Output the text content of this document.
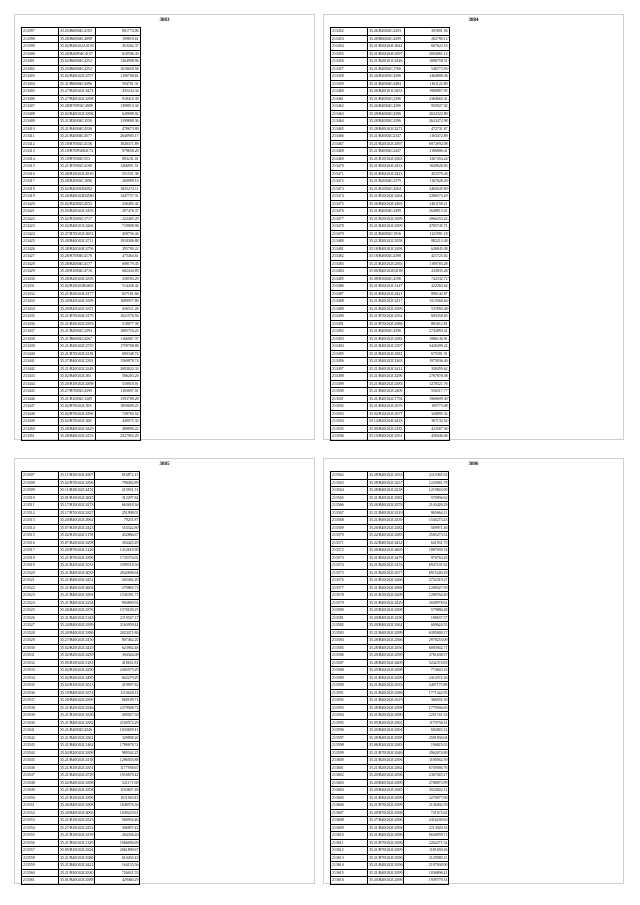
3883
213397	35.25/B60I04C4103	801774.06
213398	35.28/B60I04C4098	199818.61
213399	35.02/B20G02A4103	453262.37
213400	35.20/B20F04C4157	610596.43
213401	35.02/B60I04C4252	1264908.96
213402	35.25/B60I04C4252	1018650.58
213403	35.02/B40G02C4757	1196708.61
213404	35.31/B60I04C4396	594701.31
213405	35.27/B20G02C4474	435234.34
213406	35.27/B40G02C4398	918410.39
213407	35.28/B70F02C4908	1398915.34
213408	35.02/B40G02C4396	628898.02
213409	35.21/B30I04C1550	1199808.36
213410	35.21/B40I04C4536	478673.80
213411	35.21/B40I04C4577	2640905.17
213412	35.18/B70I02C4136	1826371.89
213413	35.18/B70F02B4174	979658.20
213414	35.18/B70I04C553	803231.01
213415	35.21/B70I02C4100	1266951.51
213416	35.26/B10G02C4516	551551.38
213417	35.28/B20I02C1096	269999.10
213418	35.02/B40I02D4502	1825274.11
213419	35.26/B40G02D4560	1447757.31
213420	35.02/B20I02C4553	256485.42
213421	35.03/B20G02C4163	397476.37
213422	35.02/B10I02C1717	222465.29
213423	35.02/B40G01C4266	719808.96
213424	35.27/B70G02C4653	458756.44
213425	35.28/B40G02C4711	1918386.88
213426	35.28/B20G04C4756	295790.22
213427	35.28/B70I04C4178	475464.61
213428	35.28/B40I04C4177	698179.45
213429	35.28/B10I04C4716	682434.89
213430	35.28/B20G04C4339	258594.29
213431	35.02/B10G02B4463	514438.42
213432	35.21/B30G04C4177	827161.66
213433	35.20/B20G04C1699	1689957.89
213434	35.29/B20G02C4331	656511.28
213435	35.21/B70G04C4179	1021576.56
213436	35.21/B30G02C4393	518077.38
213437	35.21/B20I02C2393	1685716.25
213438	35.21/B60I02C4267	1166067.37
213439	35.21/B20G02C2735	1759768.86
213440	35.21/B70G02C4118	690348.74
213441	35.27/B40G02C2391	1569878.74
213442	35.21/B20G02C4348	2083022.33
213443	35.02/B40G02C361	586203.20
213444	35.20/B10G02C4398	518910.01
213445	35.27/B70I02C4399	1103697.01
213446	35.21/B10I02C1209	1593708.28
213447	35.02/B70G02C393	1859609.25
213448	35.02/B70G02C4396	728760.52
213449	35.02/B70G02C368	449075.35
213450	35.28/B40G02C4429	488890.22
213451	35.28/B40G02C4153	2527902.29
3884
213452	35.26/B20I02C4203	391801.56
213453	35.28/B60I02C4299	282790.12
213454	35.21/B20G04C4642	667623.53
213455	35.21/B20G04C4397	2004061.12
213456	35.21/B20G01C4446	1086758.51
213457	35.21/B40I02C1766	546773.03
213458	35.26/B20I03C4396	1464808.36
213459	35.21/B40I04C4484	1161122.80
213460	35.26/B40G01C4453	1960887.95
213461	35.21/B40I02C2396	2384665.41
213462	35.26/B40I04C4396	955927.02
213463	35.28/B40I04C4396	2632322.80
213464	35.28/B40I02C4396	2623472.98
213465	35.28/B40G02C4271	472731.67
213466	35.21/B40I02C2347	1163472.88
213467	35.21/B20G02C4397	6972692.08
213468	35.21/B40I02C2447	1186806.41
213469	35.21/B10G02C4363	1367454.24
213470	35.21/B20G04C4433	1049626.83
213471	35.21/B40G02C2423	452370.43
213472	35.21/B20I04C2379	1167828.20
213473	35.21/B10I02C4264	2465645.90
213474	35.21/B10G02C4264	3286573.29
213475	35.26/B40G02C2465	1461158.21
213476	35.21/B40I04C4399	2648815.01
213477	35.21/B20G02C4399	2966253.22
213478	35.21/B40G02C4399	4785745.71
213479	35.21/B40I02C1916	1121991.18
213480	35.21/B20G02C4358	882213.48
213481	35.18/B40G02C4396	626845.08
213482	35.18/B40I02C4398	421725.02
213483	35.21/B20G02C2563	1189783.28
213484	35.06/B40G02D4188	243835.28
213485	35.08/B10I02C4196	742332.72
213486	35.21/B20G02C1447	422263.62
213487	35.21/B40G02C4421	896142.87
213488	35.21/B40G02C2417	1513566.64
213489	35.21/B40G02C4399	531894.48
213490	35.21/B70G02C4352	683358.65
213491	35.21/B70G02C4386	881612.81
213492	35.21/B40I02C4396	2743893.41
213493	35.21/B40G02C4382	1986146.91
213494	35.21/B40G02C2397	3426399.22
213495	35.21/B40G02C4381	675581.91
213496	35.21/B40G02C1463	1973036.40
213497	35.21/B40G02C4212	358459.62
213498	35.21/B40G02C4296	2767876.38
213499	35.21/B40G02C4383	1278321.76
213500	35.21/B40G02C2409	556317.77
213501	35.21/B40G02C1794	1968699.30
213502	35.21/B40G02C4376	195773.08
213503	35.02/B10G02C4377	328895.32
213504	35.14/B20G04C4418	367133.52
213505	35.09/B20G02C4183	423567.94
213506	35.10/B40G02C4351	458446.06
3885
213507	35.11/B30G04C4507	816872.15
213508	35.02/B70G02C4396	798402.89
213509	35.11/B30G02C4474	215931.51
213510	35.01/B10G02C4825	312297.84
213511	35.17/B10G02C4273	663618.36
213512	35.17/B70G02C4327	251998.01
213513	35.20/B40G02C4962	79251.87
213514	35.07/B10G02C4423	553322.80
213515	35.02/B10G02C1178	452866.67
213516	35.07/B20G02C4298	394425.29
213517	35.25/B70G02C1226	1312618.30
213518	35.21/B70G02C4399	1725374.02
213519	35.21/B20G02C1031	3399518.56
213520	35.21/B40G02C4035	2042696.64
213521	35.21/B40G02C4451	265462.29
213522	35.21/B40G02C4604	279863.75
213523	35.21/B40G02C4394	1545391.75
213524	35.21/B40G02C2254	994890.92
213525	35.26/B40G02C4376	1570109.25
213526	35.21/B40G02C1343	2119527.17
213527	35.24/B40G02C4399	2163959.44
213528	35.20/B40G02C1886	2023471.86
213529	35.27/B40G02C4150	807462.20
213530	35.02/B20G02C4425	623962.48
213531	35.02/B20G02C4259	394344.08
213532	35.05/B10G02C1281	418631.81
213533	35.02/B10G02C4290	2365579.29
213534	35.02/B20G02C4485	602279.29
213535	35.02/B10G02C4513	419997.82
213536	35.18/B40G02C4374	1110628.12
213537	35.20/B40G02C4399	868199.71
213538	35.21/B20G02C4346	2379948.72
213539	35.21/B10G02C4330	495927.50
213540	35.21/B40G02C4382	2100572.29
213541	35.21/B40I02C4346	1033659.41
213542	35.21/B40G02C4361	329898.26
213543	35.21/B40G02C1462	1780678.74
213544	35.02/B20G02C4398	980542.25
213545	35.21/B40G02C4138	1286503.88
213546	35.21/B10G02C4351	1177958.67
213547	35.21/B40G02C4729	1916678.42
213548	35.02/B40G02C4398	521171.68
213549	35.21/B40G02C4358	1163697.48
213550	35.21/B10G02C4399	1011920.43
213551	35.26/B40G02C4308	1648576.36
213552	35.20/B40G02C4063	1049223.61
213553	35.21/B10G02C4323	560934.46
213554	35.27/B10G02C4252	306857.42
213555	35.21/B10G02C4159	264336.20
213556	35.21/B30G02C1329	1066056.69
213557	35.05/B10G02C4324	2061890.67
213558	35.21/B40G02C1686	610433.43
213559	35.21/B40G02C4422	164135.56
213560	35.21/B30G02C4340	726631.55
213561	35.01/B40G02C4388	429460.29
3886
213562	35.28/B40G02C4353	2110365.52
213563	35.28/B40G02C4257	1225661.78
213564	35.28/B40G02C4238	1219843.09
213565	35.21/B40G02C4382	570994.62
213566	35.26/B40G02C4376	2143426.29
213567	35.21/B40G02C4319	965664.21
213568	35.21/B40G02C4339	1545273.23
213569	35.26/B40G02C4382	509971.46
213570	35.22/B40G02C4385	2565273.52
213571	35.22/B40G02C4432	641031.75
213572	35.26/B40G02C4605	1887659.74
213573	35.21/B20G02C4479	976763.29
213574	35.21/B20G02C4153	6947101.92
213575	35.21/B20G02C4377	6915240.29
213576	35.21/B10G02C4266	2752319.27
213577	35.21/B40G02C4968	1208327.59
213578	35.21/B10G02C4209	1209764.49
213579	35.21/B40G02C4429	2028978.61
213580	35.25/B20G02C4398	579886.28
213581	35.20/B40G02C4196	188637.57
213582	35.20/B40G02C4362	609624.55
213583	35.21/B40G02C4399	6395848.17
213584	35.28/B40G02C4366	2978253.09
213585	35.28/B40G02C4356	6083942.71
213586	35.20/B40G02C4399	3761638.57
213587	35.28/B40G02C4409	5242374.83
213588	35.25/B20G02C4398	774643.23
213589	35.21/B40G02C4299	2414372.26
213590	35.21/B40G02C4333	2407175.88
213591	35.21/B40G02C4386	1771442.95
213592	35.21/B40G02C4319	366591.56
213593	35.28/B40G02C4398	1779566.65
213594	35.21/B20G02C4390	2251741.33
213595	35.05/B20G02C4301	1179756.31
213596	35.20/B40G02C4394	602843.12
213597	35.28/B40G02C4398	2501836.04
213598	35.06/B20G02C4383	196825.03
213599	35.21/B70G02C4346	2962674.80
213600	35.21/B20G02C4396	1100562.59
213601	35.21/B20G02C4362	6759566.76
213602	35.20/B40G02C4396	2367045.27
213603	35.20/B40G02C4399	2708873.99
213604	35.20/B40G02C4385	3522822.11
213605	35.21/B40G02C4399	3270077.09
213606	35.21/B70G02C4399	2136402.59
213607	35.20/B70G02C4398	731673.62
213608	35.27/B40G02C4396	2416230.63
213609	35.21/B40G02C4394	2113020.33
213610	35.21/B40G02C4396	6630059.71
213611	35.21/B70G02C4396	2262271.32
213612	35.21/B70G02C4399	1181659.26
213613	35.21/B70G02C4396	2129580.21
213614	35.21/B40G02C4396	2197638.90
213615	35.21/B40G02C4399	1036896.21
213616	35.20/B40G02C4398	1939779.31
